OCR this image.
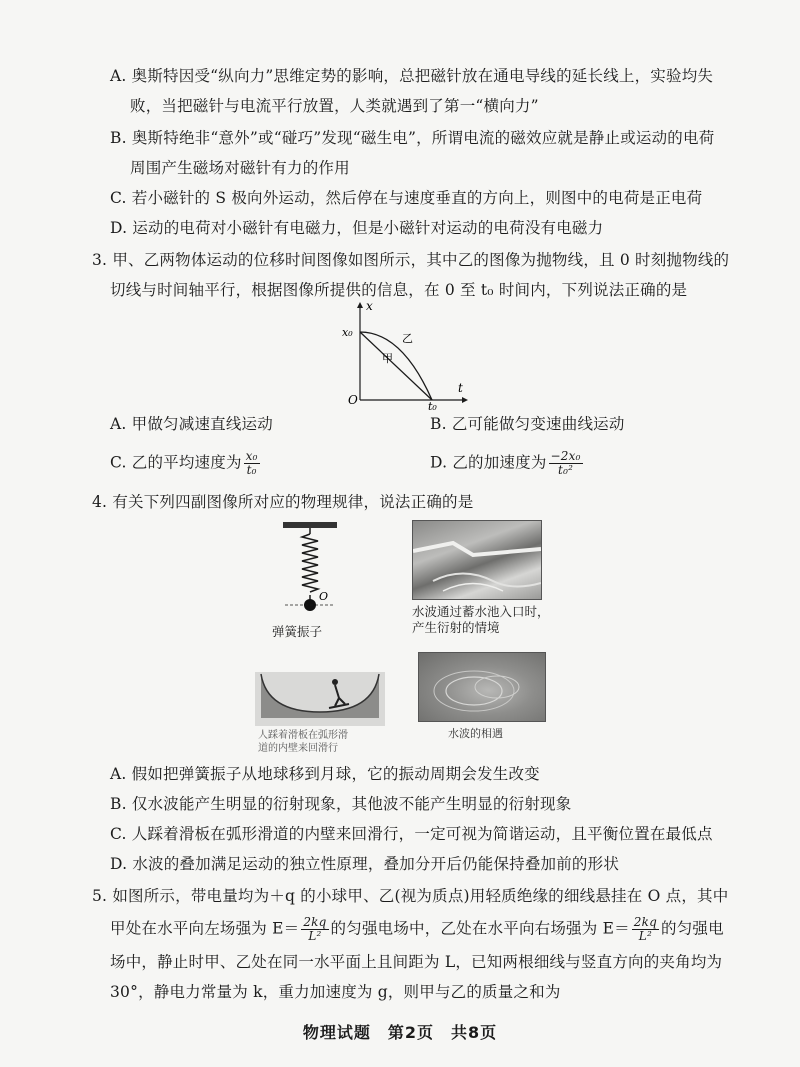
A. 奥斯特因受“纵向力”思维定势的影响，总把磁针放在通电导线的延长线上，实验均失
败，当把磁针与电流平行放置，人类就遇到了第一“横向力”
B. 奥斯特绝非“意外”或“碰巧”发现“磁生电”，所谓电流的磁效应就是静止或运动的电荷
周围产生磁场对磁针有力的作用
C. 若小磁针的 S 极向外运动，然后停在与速度垂直的方向上，则图中的电荷是正电荷
D. 运动的电荷对小磁针有电磁力，但是小磁针对运动的电荷没有电磁力
3. 甲、乙两物体运动的位移时间图像如图所示，其中乙的图像为抛物线，且 0 时刻抛物线的
切线与时间轴平行，根据图像所提供的信息，在 0 至 t₀ 时间内，下列说法正确的是
x
t
x₀
t₀
O
乙
甲
A. 甲做匀减速直线运动	B. 乙可能做匀变速曲线运动
C. 乙的平均速度为 $\frac{\text{x₀}}{\text{t₀}}$	D. 乙的加速度为 $\frac{\text{−2x₀}}{\text{t₀²}}$
4. 有关下列四副图像所对应的物理规律，说法正确的是
O
弹簧振子
水波通过蓄水池入口时，
产生衍射的情境
人踩着滑板在弧形滑
道的内壁来回滑行
水波的相遇
A. 假如把弹簧振子从地球移到月球，它的振动周期会发生改变
B. 仅水波能产生明显的衍射现象，其他波不能产生明显的衍射现象
C. 人踩着滑板在弧形滑道的内壁来回滑行，一定可视为简谐运动，且平衡位置在最低点
D. 水波的叠加满足运动的独立性原理，叠加分开后仍能保持叠加前的形状
5. 如图所示，带电量均为＋q 的小球甲、乙(视为质点)用轻质绝缘的细线悬挂在 O 点，其中
甲处在水平向左场强为 $E= \frac{2kq}{\text{L²}}$ 的匀强电场中，乙处在水平向右场强为 $E= \frac{2kq}{\text{L²}}$ 的匀强电
场中，静止时甲、乙处在同一水平面上且间距为 L，已知两根细线与竖直方向的夹角均为
30°，静电力常量为 k，重力加速度为 g，则甲与乙的质量之和为
物理试题　第2页　共8页
